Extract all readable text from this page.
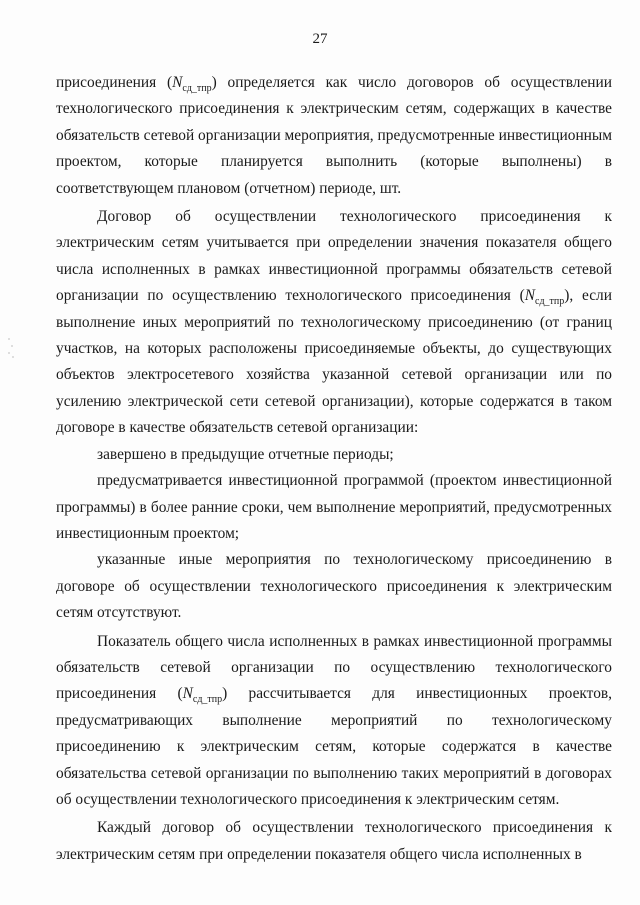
27

присоединения $(N_{сд\_тпр})$ определяется как число договоров об осуществлении технологического присоединения к электрическим сетям, содержащих в качестве обязательств сетевой организации мероприятия, предусмотренные инвестиционным проектом, которые планируется выполнить (которые выполнены) в соответствующем плановом (отчетном) периоде, шт.

Договор об осуществлении технологического присоединения к электрическим сетям учитывается при определении значения показателя общего числа исполненных в рамках инвестиционной программы обязательств сетевой организации по осуществлению технологического присоединения $(N_{сд\_тпр})$, если выполнение иных мероприятий по технологическому присоединению (от границ участков, на которых расположены присоединяемые объекты, до существующих объектов электросетевого хозяйства указанной сетевой организации или по усилению электрической сети сетевой организации), которые содержатся в таком договоре в качестве обязательств сетевой организации:

завершено в предыдущие отчетные периоды;

предусматривается инвестиционной программой (проектом инвестиционной программы) в более ранние сроки, чем выполнение мероприятий, предусмотренных инвестиционным проектом;

указанные иные мероприятия по технологическому присоединению в договоре об осуществлении технологического присоединения к электрическим сетям отсутствуют.

Показатель общего числа исполненных в рамках инвестиционной программы обязательств сетевой организации по осуществлению технологического присоединения $(N_{сд\_тпр})$ рассчитывается для инвестиционных проектов, предусматривающих выполнение мероприятий по технологическому присоединению к электрическим сетям, которые содержатся в качестве обязательства сетевой организации по выполнению таких мероприятий в договорах об осуществлении технологического присоединения к электрическим сетям.

Каждый договор об осуществлении технологического присоединения к электрическим сетям при определении показателя общего числа исполненных в
